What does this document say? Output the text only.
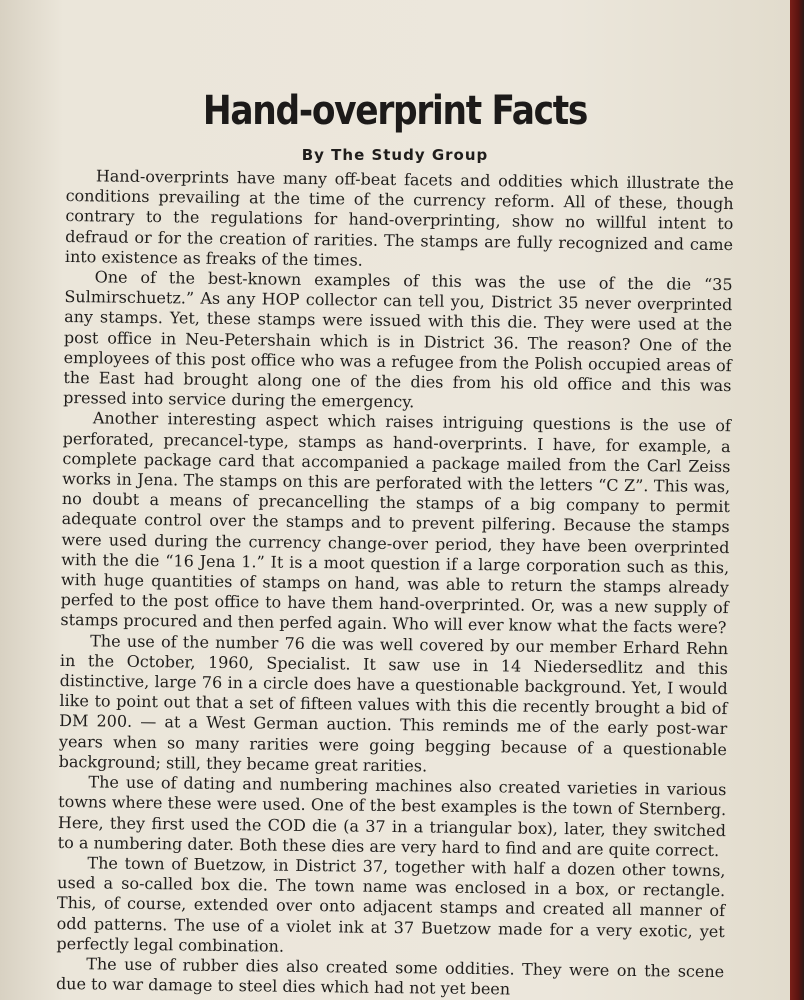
Hand-overprint Facts
By The Study Group

Hand-overprints have many off-beat facets and oddities which illustrate the conditions prevailing at the time of the currency reform. All of these, though contrary to the regulations for hand-overprinting, show no willful intent to defraud or for the creation of rarities. The stamps are fully recognized and came into existence as freaks of the times.

One of the best-known examples of this was the use of the die “35 Sulmirschuetz.” As any HOP collector can tell you, District 35 never overprinted any stamps. Yet, these stamps were issued with this die. They were used at the post office in Neu-Petershain which is in District 36. The reason? One of the employees of this post office who was a refugee from the Polish occupied areas of the East had brought along one of the dies from his old office and this was pressed into service during the emergency.

Another interesting aspect which raises intriguing questions is the use of perforated, precancel-type, stamps as hand-overprints. I have, for example, a complete package card that accompanied a package mailed from the Carl Zeiss works in Jena. The stamps on this are perforated with the letters “C Z”. This was, no doubt a means of precancelling the stamps of a big company to permit adequate control over the stamps and to prevent pilfering. Because the stamps were used during the currency change-over period, they have been overprinted with the die “16 Jena 1.” It is a moot question if a large corporation such as this, with huge quantities of stamps on hand, was able to return the stamps already perfed to the post office to have them hand-overprinted. Or, was a new supply of stamps procured and then perfed again. Who will ever know what the facts were?

The use of the number 76 die was well covered by our member Erhard Rehn in the October, 1960, Specialist. It saw use in 14 Niedersedlitz and this distinctive, large 76 in a circle does have a questionable background. Yet, I would like to point out that a set of fifteen values with this die recently brought a bid of DM 200. — at a West German auction. This reminds me of the early post-war years when so many rarities were going begging because of a questionable background; still, they became great rarities.

The use of dating and numbering machines also created varieties in various towns where these were used. One of the best examples is the town of Sternberg. Here, they first used the COD die (a 37 in a triangular box), later, they switched to a numbering dater. Both these dies are very hard to find and are quite correct.

The town of Buetzow, in District 37, together with half a dozen other towns, used a so-called box die. The town name was enclosed in a box, or rectangle. This, of course, extended over onto adjacent stamps and created all manner of odd patterns. The use of a violet ink at 37 Buetzow made for a very exotic, yet perfectly legal combination.

The use of rubber dies also created some oddities. They were on the scene due to war damage to steel dies which had not yet been
